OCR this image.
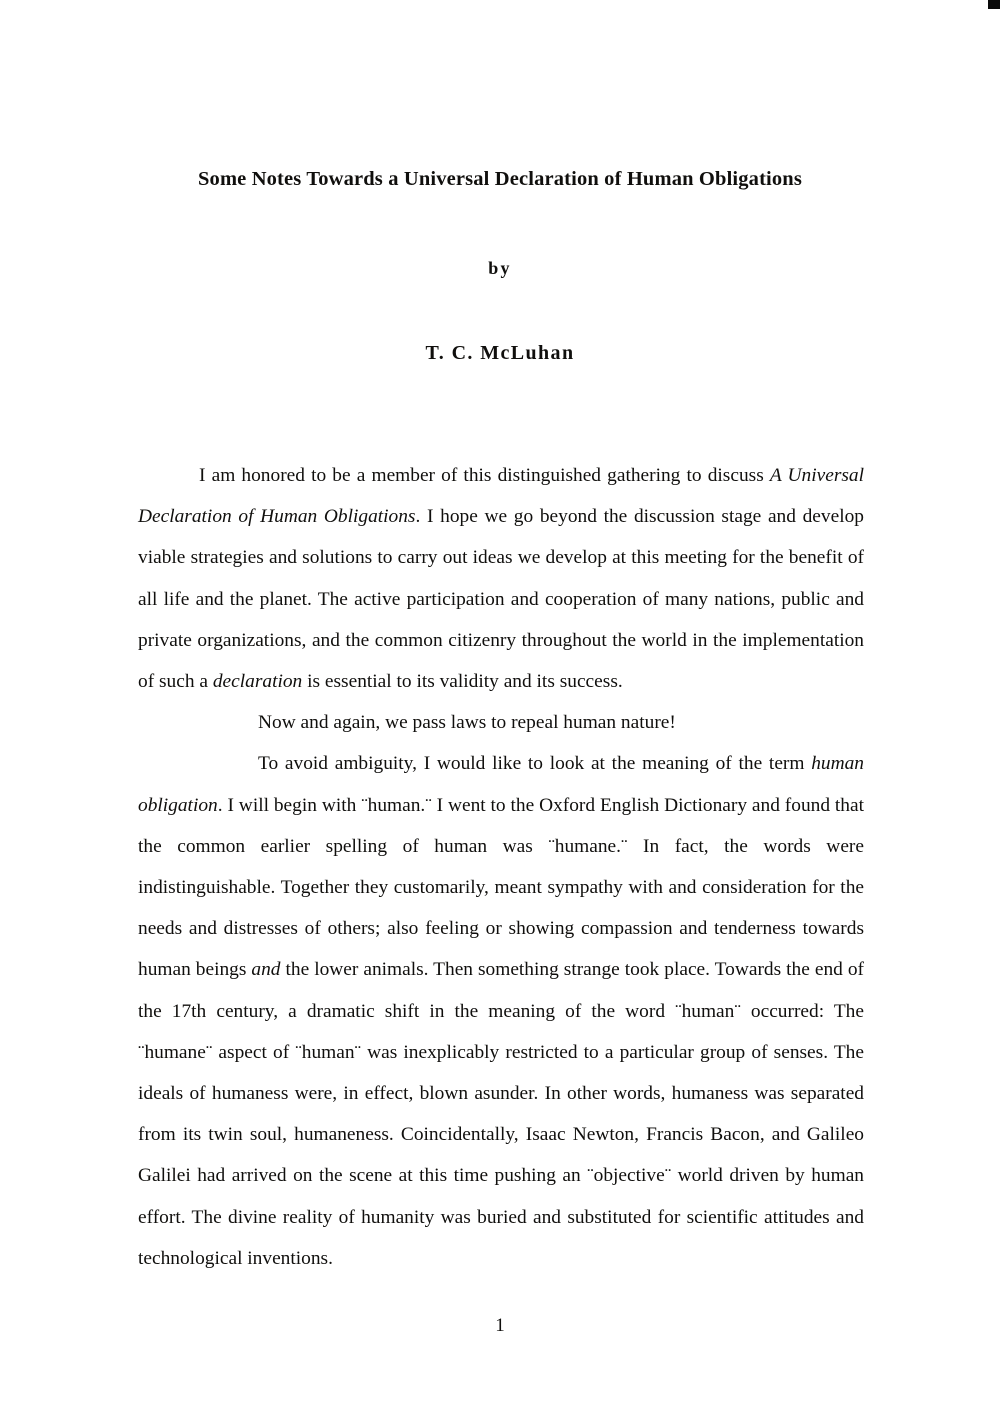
Some Notes Towards a Universal Declaration of Human Obligations
by
T. C. McLuhan

I am honored to be a member of this distinguished gathering to discuss A Universal Declaration of Human Obligations. I hope we go beyond the discussion stage and develop viable strategies and solutions to carry out ideas we develop at this meeting for the benefit of all life and the planet. The active participation and cooperation of many nations, public and private organizations, and the common citizenry throughout the world in the implementation of such a declaration is essential to its validity and its success.

Now and again, we pass laws to repeal human nature!

To avoid ambiguity, I would like to look at the meaning of the term human obligation. I will begin with ¨human.¨ I went to the Oxford English Dictionary and found that the common earlier spelling of human was ¨humane.¨ In fact, the words were indistinguishable. Together they customarily, meant sympathy with and consideration for the needs and distresses of others; also feeling or showing compassion and tenderness towards human beings and the lower animals. Then something strange took place. Towards the end of the 17th century, a dramatic shift in the meaning of the word ¨human¨ occurred: The ¨humane¨ aspect of ¨human¨ was inexplicably restricted to a particular group of senses. The ideals of humaness were, in effect, blown asunder. In other words, humaness was separated from its twin soul, humaneness. Coincidentally, Isaac Newton, Francis Bacon, and Galileo Galilei had arrived on the scene at this time pushing an ¨objective¨ world driven by human effort. The divine reality of humanity was buried and substituted for scientific attitudes and technological inventions.

1
